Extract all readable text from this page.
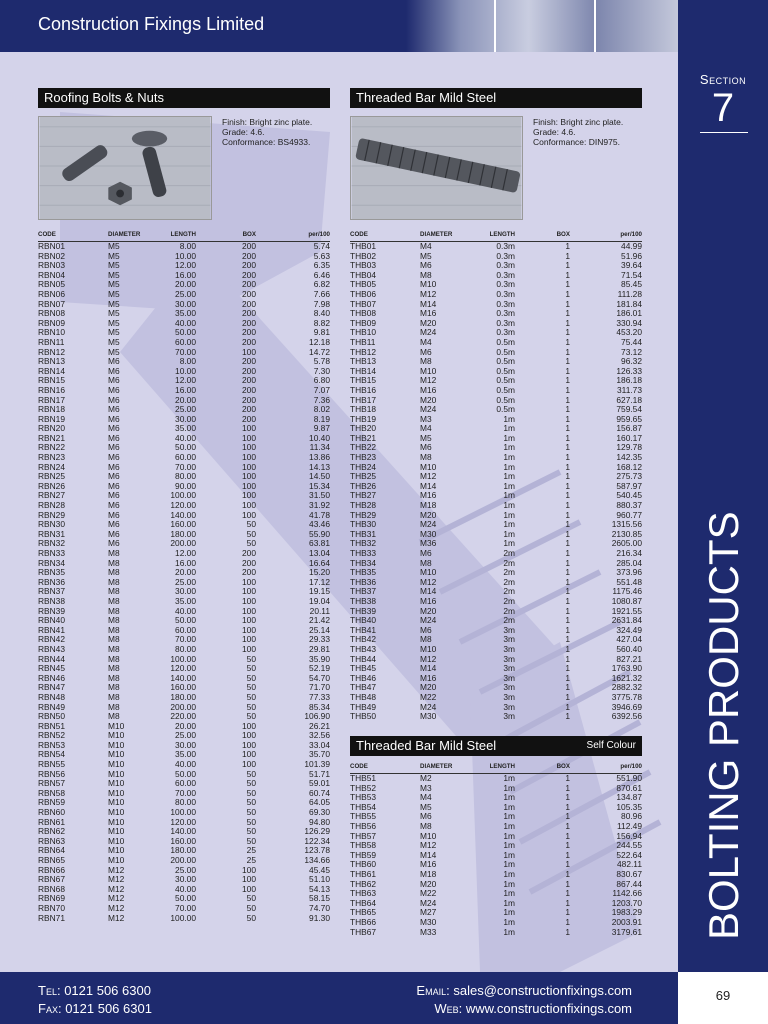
Construction Fixings Limited
Section
7
BOLTING PRODUCTS
Roofing Bolts & Nuts
Finish: Bright zinc plate.
Grade: 4.6.
Conformance: BS4933.
CODE	DIAMETER	LENGTH	BOX	per/100
RBN01	M5	8.00	200	5.74
RBN02	M5	10.00	200	5.63
RBN03	M5	12.00	200	6.35
RBN04	M5	16.00	200	6.46
RBN05	M5	20.00	200	6.82
RBN06	M5	25.00	200	7.66
RBN07	M5	30.00	200	7.98
RBN08	M5	35.00	200	8.40
RBN09	M5	40.00	200	8.82
RBN10	M5	50.00	200	9.81
RBN11	M5	60.00	200	12.18
RBN12	M5	70.00	100	14.72
RBN13	M6	8.00	200	5.78
RBN14	M6	10.00	200	7.30
RBN15	M6	12.00	200	6.80
RBN16	M6	16.00	200	7.07
RBN17	M6	20.00	200	7.36
RBN18	M6	25.00	200	8.02
RBN19	M6	30.00	200	8.19
RBN20	M6	35.00	100	9.87
RBN21	M6	40.00	100	10.40
RBN22	M6	50.00	100	11.34
RBN23	M6	60.00	100	13.86
RBN24	M6	70.00	100	14.13
RBN25	M6	80.00	100	14.50
RBN26	M6	90.00	100	15.34
RBN27	M6	100.00	100	31.50
RBN28	M6	120.00	100	31.92
RBN29	M6	140.00	100	41.78
RBN30	M6	160.00	50	43.46
RBN31	M6	180.00	50	55.90
RBN32	M6	200.00	50	63.81
RBN33	M8	12.00	200	13.04
RBN34	M8	16.00	200	16.64
RBN35	M8	20.00	200	15.20
RBN36	M8	25.00	100	17.12
RBN37	M8	30.00	100	19.15
RBN38	M8	35.00	100	19.04
RBN39	M8	40.00	100	20.11
RBN40	M8	50.00	100	21.42
RBN41	M8	60.00	100	25.14
RBN42	M8	70.00	100	29.33
RBN43	M8	80.00	100	29.81
RBN44	M8	100.00	50	35.90
RBN45	M8	120.00	50	52.19
RBN46	M8	140.00	50	54.70
RBN47	M8	160.00	50	71.70
RBN48	M8	180.00	50	77.33
RBN49	M8	200.00	50	85.34
RBN50	M8	220.00	50	106.90
RBN51	M10	20.00	100	26.21
RBN52	M10	25.00	100	32.56
RBN53	M10	30.00	100	33.04
RBN54	M10	35.00	100	35.70
RBN55	M10	40.00	100	101.39
RBN56	M10	50.00	50	51.71
RBN57	M10	60.00	50	59.01
RBN58	M10	70.00	50	60.74
RBN59	M10	80.00	50	64.05
RBN60	M10	100.00	50	69.30
RBN61	M10	120.00	50	94.80
RBN62	M10	140.00	50	126.29
RBN63	M10	160.00	50	122.34
RBN64	M10	180.00	25	123.78
RBN65	M10	200.00	25	134.66
RBN66	M12	25.00	100	45.45
RBN67	M12	30.00	100	51.10
RBN68	M12	40.00	100	54.13
RBN69	M12	50.00	50	58.15
RBN70	M12	70.00	50	74.70
RBN71	M12	100.00	50	91.30
Threaded Bar Mild Steel
Finish: Bright zinc plate.
Grade: 4.6.
Conformance: DIN975.
CODE	DIAMETER	LENGTH	BOX	per/100
THB01	M4	0.3m	1	44.99
THB02	M5	0.3m	1	51.96
THB03	M6	0.3m	1	39.64
THB04	M8	0.3m	1	71.54
THB05	M10	0.3m	1	85.45
THB06	M12	0.3m	1	111.28
THB07	M14	0.3m	1	181.84
THB08	M16	0.3m	1	186.01
THB09	M20	0.3m	1	330.94
THB10	M24	0.3m	1	453.20
THB11	M4	0.5m	1	75.44
THB12	M6	0.5m	1	73.12
THB13	M8	0.5m	1	96.32
THB14	M10	0.5m	1	126.33
THB15	M12	0.5m	1	186.18
THB16	M16	0.5m	1	311.73
THB17	M20	0.5m	1	627.18
THB18	M24	0.5m	1	759.54
THB19	M3	1m	1	959.65
THB20	M4	1m	1	156.87
THB21	M5	1m	1	160.17
THB22	M6	1m	1	129.78
THB23	M8	1m	1	142.35
THB24	M10	1m	1	168.12
THB25	M12	1m	1	275.73
THB26	M14	1m	1	587.97
THB27	M16	1m	1	540.45
THB28	M18	1m	1	880.37
THB29	M20	1m	1	960.77
THB30	M24	1m	1	1315.56
THB31	M30	1m	1	2130.85
THB32	M36	1m	1	2605.00
THB33	M6	2m	1	216.34
THB34	M8	2m	1	285.04
THB35	M10	2m	1	373.96
THB36	M12	2m	1	551.48
THB37	M14	2m	1	1175.46
THB38	M16	2m	1	1080.87
THB39	M20	2m	1	1921.55
THB40	M24	2m	1	2631.84
THB41	M6	3m	1	324.49
THB42	M8	3m	1	427.04
THB43	M10	3m	1	560.40
THB44	M12	3m	1	827.21
THB45	M14	3m	1	1763.90
THB46	M16	3m	1	1621.32
THB47	M20	3m	1	2882.32
THB48	M22	3m	1	3775.78
THB49	M24	3m	1	3946.69
THB50	M30	3m	1	6392.56
Threaded Bar Mild Steel	Self Colour
CODE	DIAMETER	LENGTH	BOX	per/100
THB51	M2	1m	1	551.90
THB52	M3	1m	1	870.61
THB53	M4	1m	1	134.87
THB54	M5	1m	1	105.35
THB55	M6	1m	1	80.96
THB56	M8	1m	1	112.49
THB57	M10	1m	1	156.94
THB58	M12	1m	1	244.55
THB59	M14	1m	1	522.64
THB60	M16	1m	1	482.11
THB61	M18	1m	1	830.67
THB62	M20	1m	1	867.44
THB63	M22	1m	1	1142.66
THB64	M24	1m	1	1203.70
THB65	M27	1m	1	1983.29
THB66	M30	1m	1	2003.91
THB67	M33	1m	1	3179.61
Tel: 0121 506 6300
Fax: 0121 506 6301
Email: sales@constructionfixings.com
Web: www.constructionfixings.com
69
